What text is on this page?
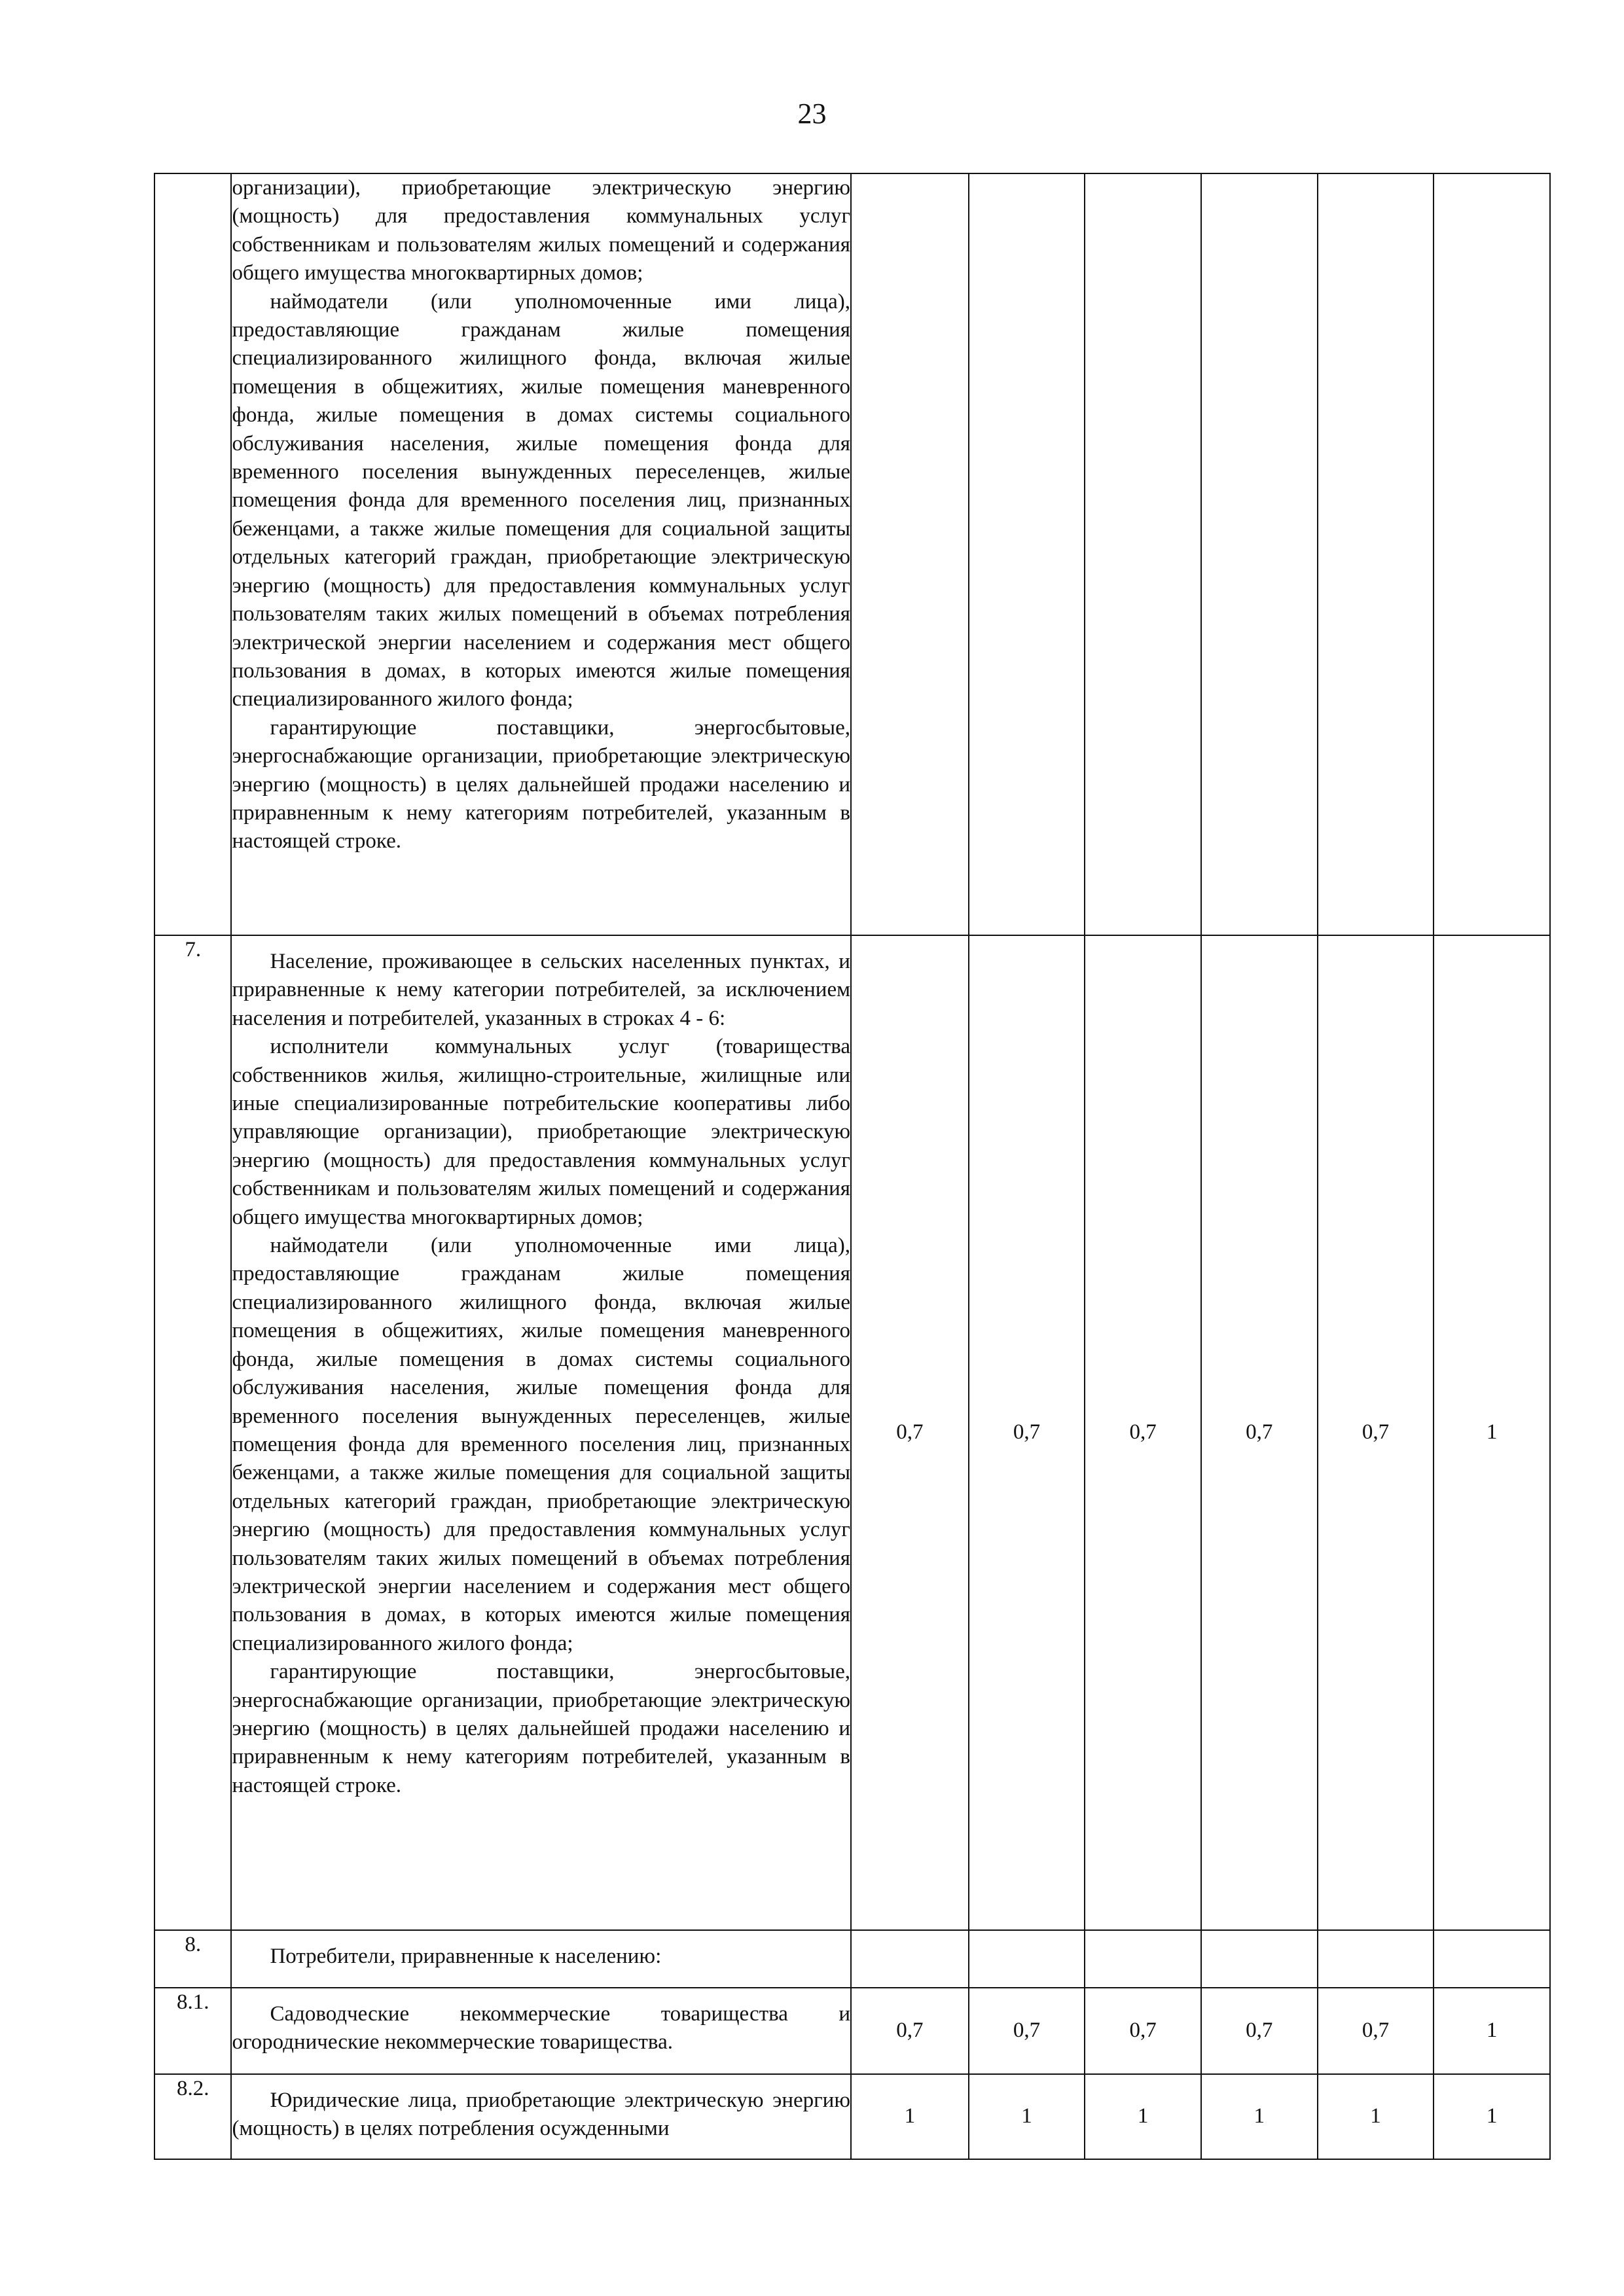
23

	организации), приобретающие электрическую энергию (мощность) для предоставления коммунальных услуг собственникам и пользователям жилых помещений и содержания общего имущества многоквартирных домов;

наймодатели (или уполномоченные ими лица), предоставляющие гражданам жилые помещения специализированного жилищного фонда, включая жилые помещения в общежитиях, жилые помещения маневренного фонда, жилые помещения в домах системы социального обслуживания населения, жилые помещения фонда для временного поселения вынужденных переселенцев, жилые помещения фонда для временного поселения лиц, признанных беженцами, а также жилые помещения для социальной защиты отдельных категорий граждан, приобретающие электрическую энергию (мощность) для предоставления коммунальных услуг пользователям таких жилых помещений в объемах потребления электрической энергии населением и содержания мест общего пользования в домах, в которых имеются жилые помещения специализированного жилого фонда;

гарантирующие поставщики, энергосбытовые, энергоснабжающие организации, приобретающие электрическую энергию (мощность) в целях дальнейшей продажи населению и приравненным к нему категориям потребителей, указанным в настоящей строке.						

7.	Население, проживающее в сельских населенных пунктах, и приравненные к нему категории потребителей, за исключением населения и потребителей, указанных в строках 4 - 6:

исполнители коммунальных услуг (товарищества собственников жилья, жилищно-строительные, жилищные или иные специализированные потребительские кооперативы либо управляющие организации), приобретающие электрическую энергию (мощность) для предоставления коммунальных услуг собственникам и пользователям жилых помещений и содержания общего имущества многоквартирных домов;

наймодатели (или уполномоченные ими лица), предоставляющие гражданам жилые помещения специализированного жилищного фонда, включая жилые помещения в общежитиях, жилые помещения маневренного фонда, жилые помещения в домах системы социального обслуживания населения, жилые помещения фонда для временного поселения вынужденных переселенцев, жилые помещения фонда для временного поселения лиц, признанных беженцами, а также жилые помещения для социальной защиты отдельных категорий граждан, приобретающие электрическую энергию (мощность) для предоставления коммунальных услуг пользователям таких жилых помещений в объемах потребления электрической энергии населением и содержания мест общего пользования в домах, в которых имеются жилые помещения специализированного жилого фонда;

гарантирующие поставщики, энергосбытовые, энергоснабжающие организации, приобретающие электрическую энергию (мощность) в целях дальнейшей продажи населению и приравненным к нему категориям потребителей, указанным в настоящей строке.	0,7	0,7	0,7	0,7	0,7	1
8.	Потребители, приравненные к населению:						

8.1.	Садоводческие некоммерческие товарищества и огороднические некоммерческие товарищества.	0,7	0,7	0,7	0,7	0,7	1
8.2.	Юридические лица, приобретающие электрическую энергию (мощность) в целях потребления осужденными	1	1	1	1	1	1
